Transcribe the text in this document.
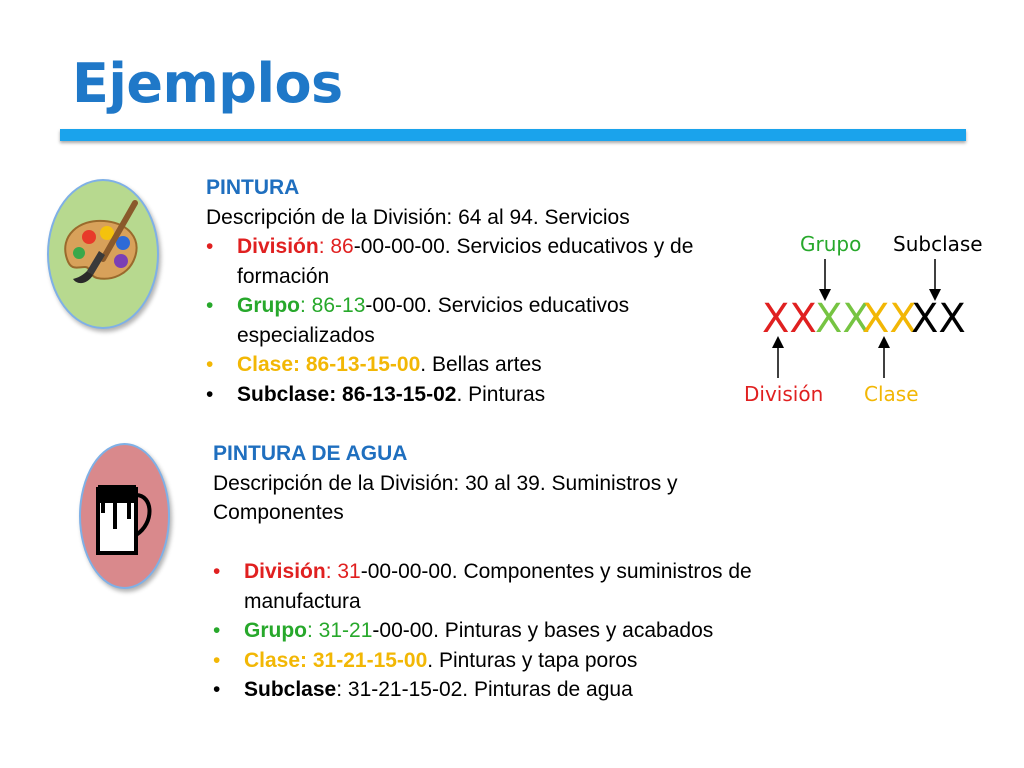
Ejemplos
PINTURA
Descripción de la División: 64 al 94. Servicios
• División: 86-00-00-00. Servicios educativos y de formación
• Grupo: 86-13-00-00. Servicios educativos especializados
• Clase: 86-13-15-00. Bellas artes
• Subclase: 86-13-15-02. Pinturas
PINTURA DE AGUA
Descripción de la División: 30 al 39. Suministros y Componentes
• División: 31-00-00-00. Componentes y suministros de manufactura
• Grupo: 31-21-00-00. Pinturas y bases y acabados
• Clase: 31-21-15-00. Pinturas y tapa poros
• Subclase: 31-21-15-02. Pinturas de agua
Grupo Subclase
XX
XX
XX
XX
División Clase
